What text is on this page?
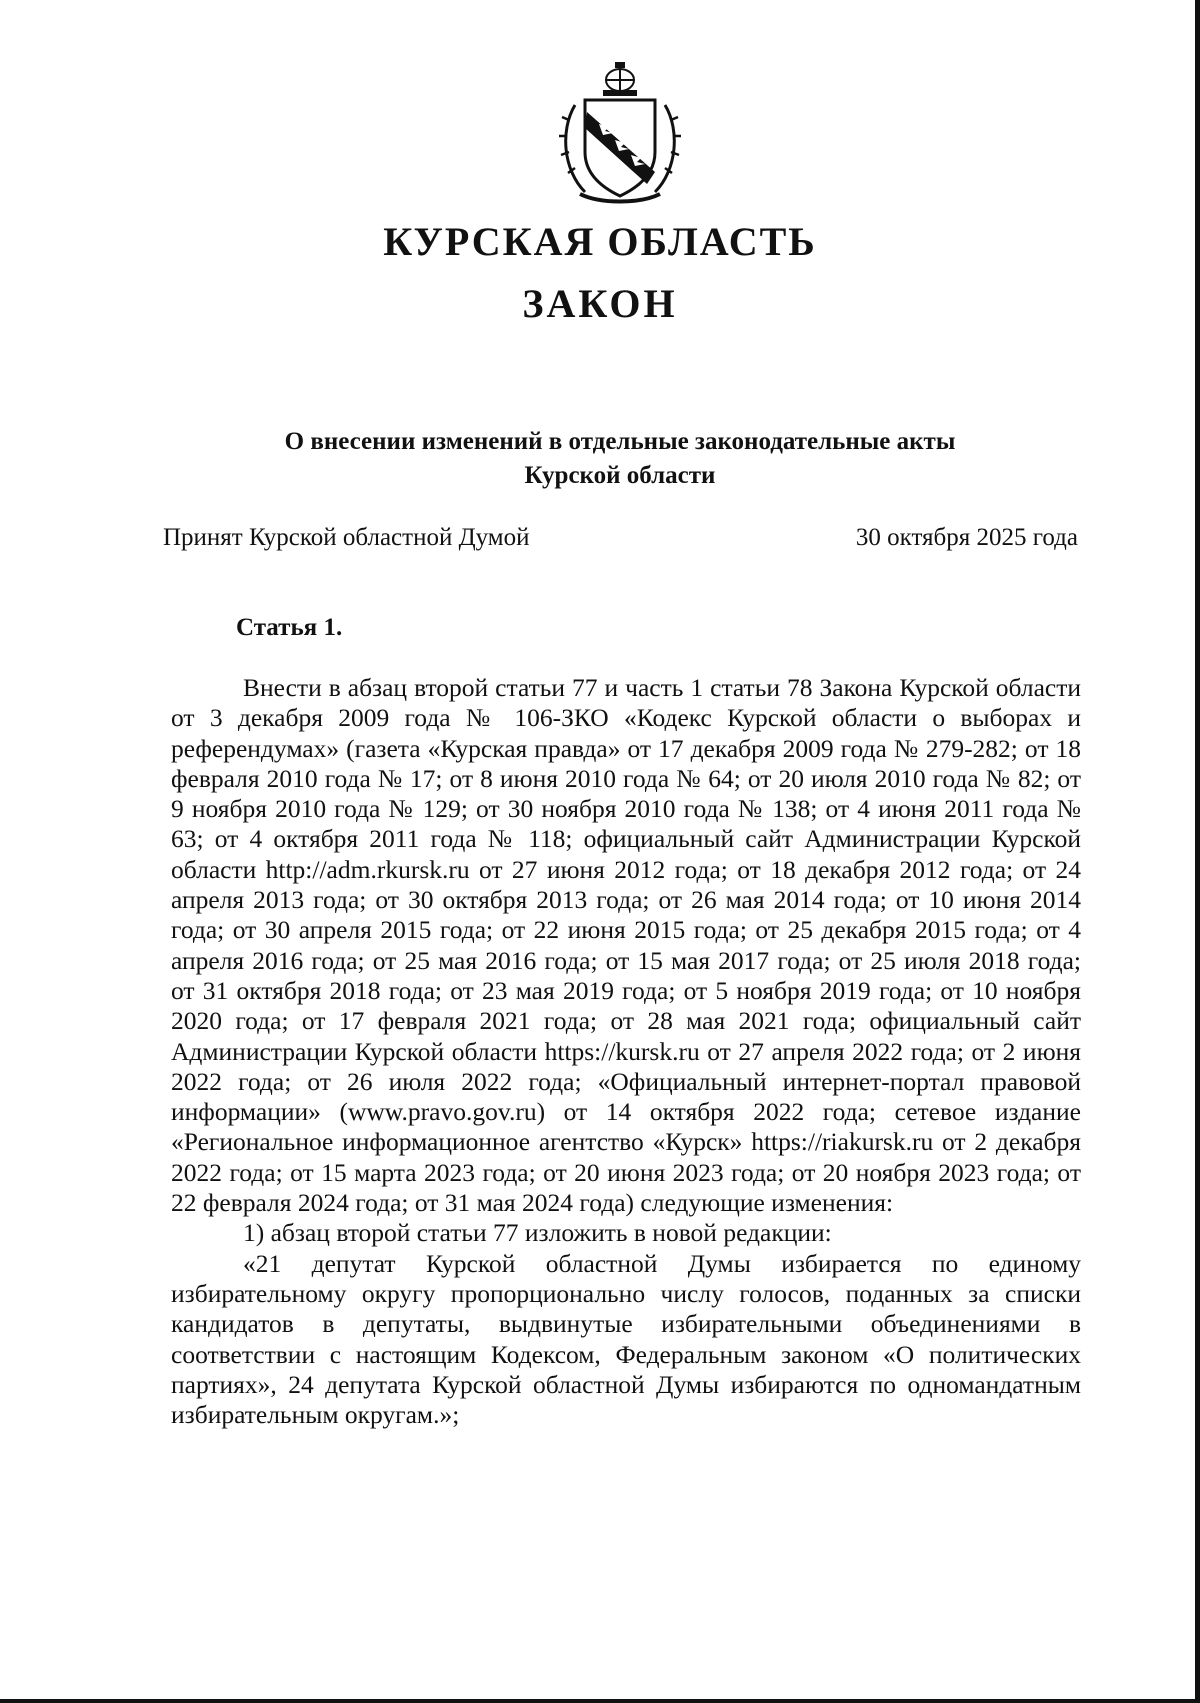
КУРСКАЯ ОБЛАСТЬ
ЗАКОН
О внесении изменений в отдельные законодательные акты
Курской области
Принят Курской областной Думой	30 октября 2025 года
Статья 1.

Внести в абзац второй статьи 77 и часть 1 статьи 78 Закона Курской области от 3 декабря 2009 года № 106-ЗКО «Кодекс Курской области о выборах и референдумах» (газета «Курская правда» от 17 декабря 2009 года № 279-282; от 18 февраля 2010 года № 17; от 8 июня 2010 года № 64; от 20 июля 2010 года № 82; от 9 ноября 2010 года № 129; от 30 ноября 2010 года № 138; от 4 июня 2011 года № 63; от 4 октября 2011 года № 118; официальный сайт Администрации Курской области http://adm.rkursk.ru от 27 июня 2012 года; от 18 декабря 2012 года; от 24 апреля 2013 года; от 30 октября 2013 года; от 26 мая 2014 года; от 10 июня 2014 года; от 30 апреля 2015 года; от 22 июня 2015 года; от 25 декабря 2015 года; от 4 апреля 2016 года; от 25 мая 2016 года; от 15 мая 2017 года; от 25 июля 2018 года; от 31 октября 2018 года; от 23 мая 2019 года; от 5 ноября 2019 года; от 10 ноября 2020 года; от 17 февраля 2021 года; от 28 мая 2021 года; официальный сайт Администрации Курской области https://kursk.ru от 27 апреля 2022 года; от 2 июня 2022 года; от 26 июля 2022 года; «Официальный интернет-портал правовой информации» (www.pravo.gov.ru) от 14 октября 2022 года; сетевое издание «Региональное информационное агентство «Курск» https://riakursk.ru от 2 декабря 2022 года; от 15 марта 2023 года; от 20 июня 2023 года; от 20 ноября 2023 года; от 22 февраля 2024 года; от 31 мая 2024 года) следующие изменения:

1) абзац второй статьи 77 изложить в новой редакции:

«21 депутат Курской областной Думы избирается по единому избирательному округу пропорционально числу голосов, поданных за списки кандидатов в депутаты, выдвинутые избирательными объединениями в соответствии с настоящим Кодексом, Федеральным законом «О политических партиях», 24 депутата Курской областной Думы избираются по одномандатным избирательным округам.»;
